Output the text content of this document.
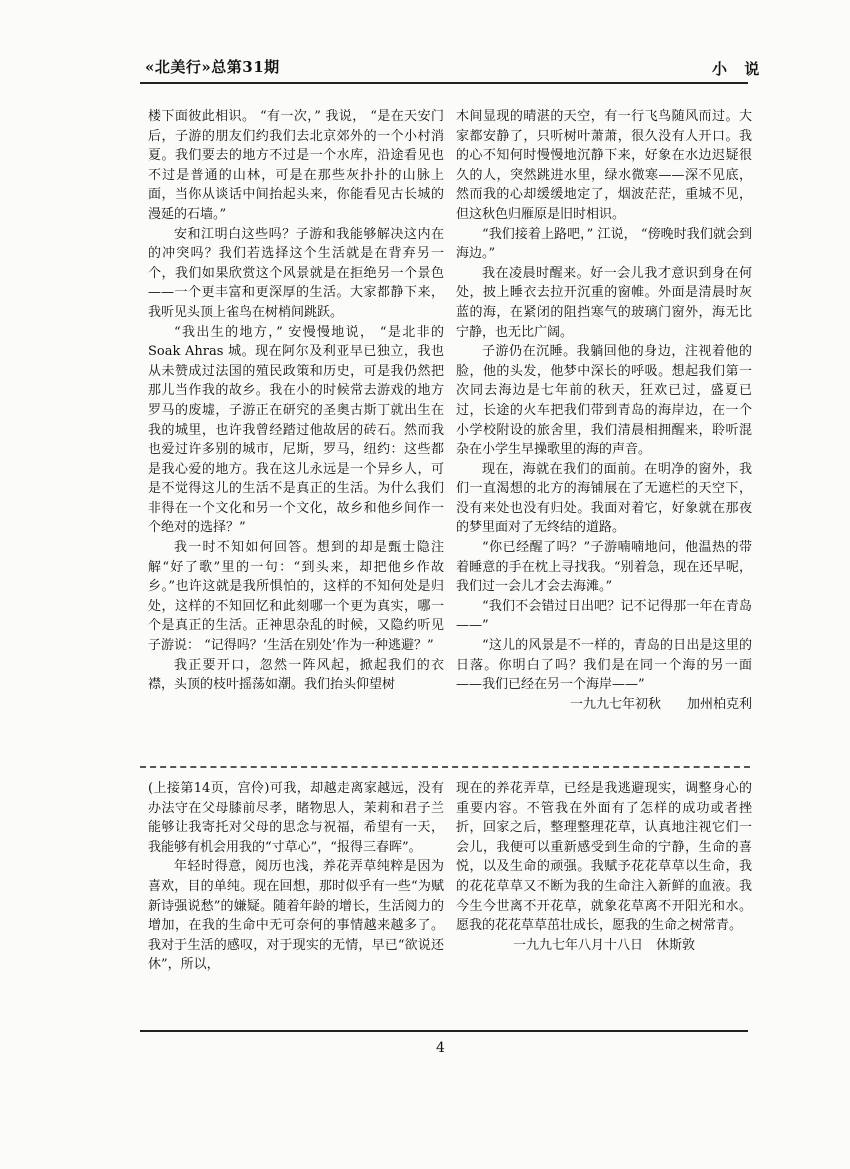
«北美行»总第31期	小 说

楼下面彼此相识。 “有一次，” 我说， “是在天安门后，子游的朋友们约我们去北京郊外的一个小村消夏。我们要去的地方不过是一个水库，沿途看见也不过是普通的山林，可是在那些灰扑扑的山脉上面，当你从谈话中间抬起头来，你能看见古长城的漫延的石墙。”

安和江明白这些吗？子游和我能够解决这内在的冲突吗？我们若选择这个生活就是在背弃另一个，我们如果欣赏这个风景就是在拒绝另一个景色——一个更丰富和更深厚的生活。大家都静下来，我听见头顶上雀鸟在树梢间跳跃。

“我出生的地方，” 安慢慢地说， “是北非的 Soak Ahras 城。现在阿尔及利亚早已独立，我也从未赞成过法国的殖民政策和历史，可是我仍然把那儿当作我的故乡。我在小的时候常去游戏的地方罗马的废墟，子游正在研究的圣奥古斯丁就出生在我的城里，也许我曾经踏过他故居的砖石。然而我也爱过许多别的城市，尼斯，罗马，纽约：这些都是我心爱的地方。我在这儿永远是一个异乡人，可是不觉得这儿的生活不是真正的生活。为什么我们非得在一个文化和另一个文化，故乡和他乡间作一个绝对的选择？”

我一时不知如何回答。想到的却是甄士隐注解“好了歌”里的一句：“到头来，却把他乡作故乡。”也许这就是我所惧怕的，这样的不知何处是归处，这样的不知回忆和此刻哪一个更为真实，哪一个是真正的生活。正神思杂乱的时候，又隐约听见子游说： “记得吗？‘生活在别处’作为一种逃避？”

我正要开口，忽然一阵风起，掀起我们的衣襟，头顶的枝叶摇荡如潮。我们抬头仰望树

木间显现的晴湛的天空，有一行飞鸟随风而过。大家都安静了，只听树叶萧萧，很久没有人开口。我的心不知何时慢慢地沉静下来，好象在水边迟疑很久的人，突然跳进水里，绿水微寒——深不见底，然而我的心却缓缓地定了，烟波茫茫，重城不见，但这秋色归雁原是旧时相识。

“我们接着上路吧，” 江说， “傍晚时我们就会到海边。”

我在凌晨时醒来。好一会儿我才意识到身在何处，披上睡衣去拉开沉重的窗帷。外面是清晨时灰蓝的海，在紧闭的阻挡寒气的玻璃门窗外，海无比宁静，也无比广阔。

子游仍在沉睡。我躺回他的身边，注视着他的脸，他的头发，他梦中深长的呼吸。想起我们第一次同去海边是七年前的秋天，狂欢已过，盛夏已过，长途的火车把我们带到青岛的海岸边，在一个小学校附设的旅舍里，我们清晨相拥醒来，聆听混杂在小学生早操歌里的海的声音。

现在，海就在我们的面前。在明净的窗外，我们一直渴想的北方的海铺展在了无遮栏的天空下，没有来处也没有归处。我面对着它，好象就在那夜的梦里面对了无终结的道路。

“你已经醒了吗？”子游喃喃地问，他温热的带着睡意的手在枕上寻找我。“别着急，现在还早呢，我们过一会儿才会去海滩。”

“我们不会错过日出吧？记不记得那一年在青岛——”

“这儿的风景是不一样的，青岛的日出是这里的日落。你明白了吗？我们是在同一个海的另一面——我们已经在另一个海岸——”

一九九七年初秋　　加州柏克利

(上接第14页，宫伶)可我，却越走离家越远，没有办法守在父母膝前尽孝，睹物思人，茉莉和君子兰能够让我寄托对父母的思念与祝福，希望有一天，我能够有机会用我的“寸草心”，“报得三春晖”。

年轻时得意，阅历也浅，养花弄草纯粹是因为喜欢，目的单纯。现在回想，那时似乎有一些“为赋新诗强说愁”的嫌疑。随着年龄的增长，生活阅力的增加，在我的生命中无可奈何的事情越来越多了。我对于生活的感叹，对于现实的无情，早已“欲说还休”，所以，

现在的养花弄草，已经是我逃避现实，调整身心的重要内容。不管我在外面有了怎样的成功或者挫折，回家之后，整理整理花草，认真地注视它们一会儿，我便可以重新感受到生命的宁静，生命的喜悦，以及生命的顽强。我赋予花花草草以生命，我的花花草草又不断为我的生命注入新鲜的血液。我今生今世离不开花草，就象花草离不开阳光和水。愿我的花花草草茁壮成长，愿我的生命之树常青。

一九九七年八月十八日　休斯敦

4
